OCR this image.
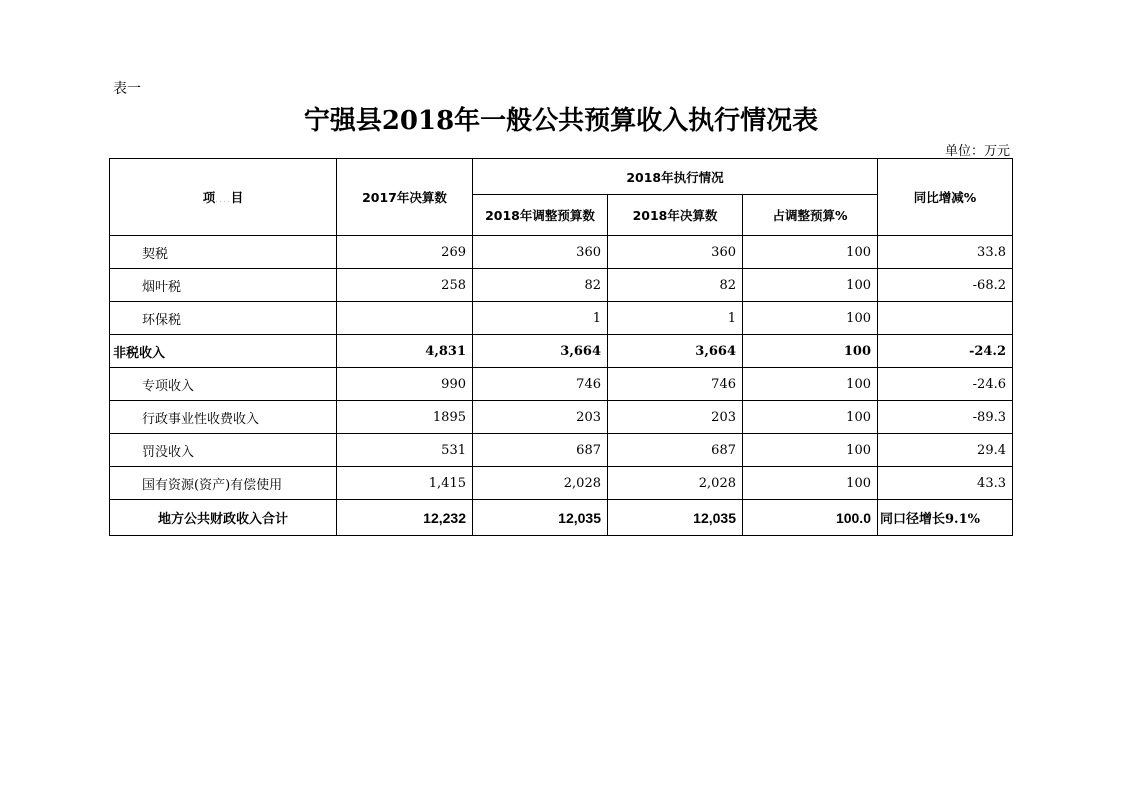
表一
宁强县2018年一般公共预算收入执行情况表
单位：万元
项....目	2017年决算数	2018年执行情况			同比增减%
		2018年调整预算数	2018年决算数	占调整预算%	
契税	269	360	360	100	33.8
烟叶税	258	82	82	100	-68.2
环保税		1	1	100	
非税收入	4,831	3,664	3,664	100	-24.2
专项收入	990	746	746	100	-24.6
行政事业性收费收入	1895	203	203	100	-89.3
罚没收入	531	687	687	100	29.4
国有资源(资产)有偿使用	1,415	2,028	2,028	100	43.3
地方公共财政收入合计	12,232	12,035	12,035	100.0	同口径增长9.1%
